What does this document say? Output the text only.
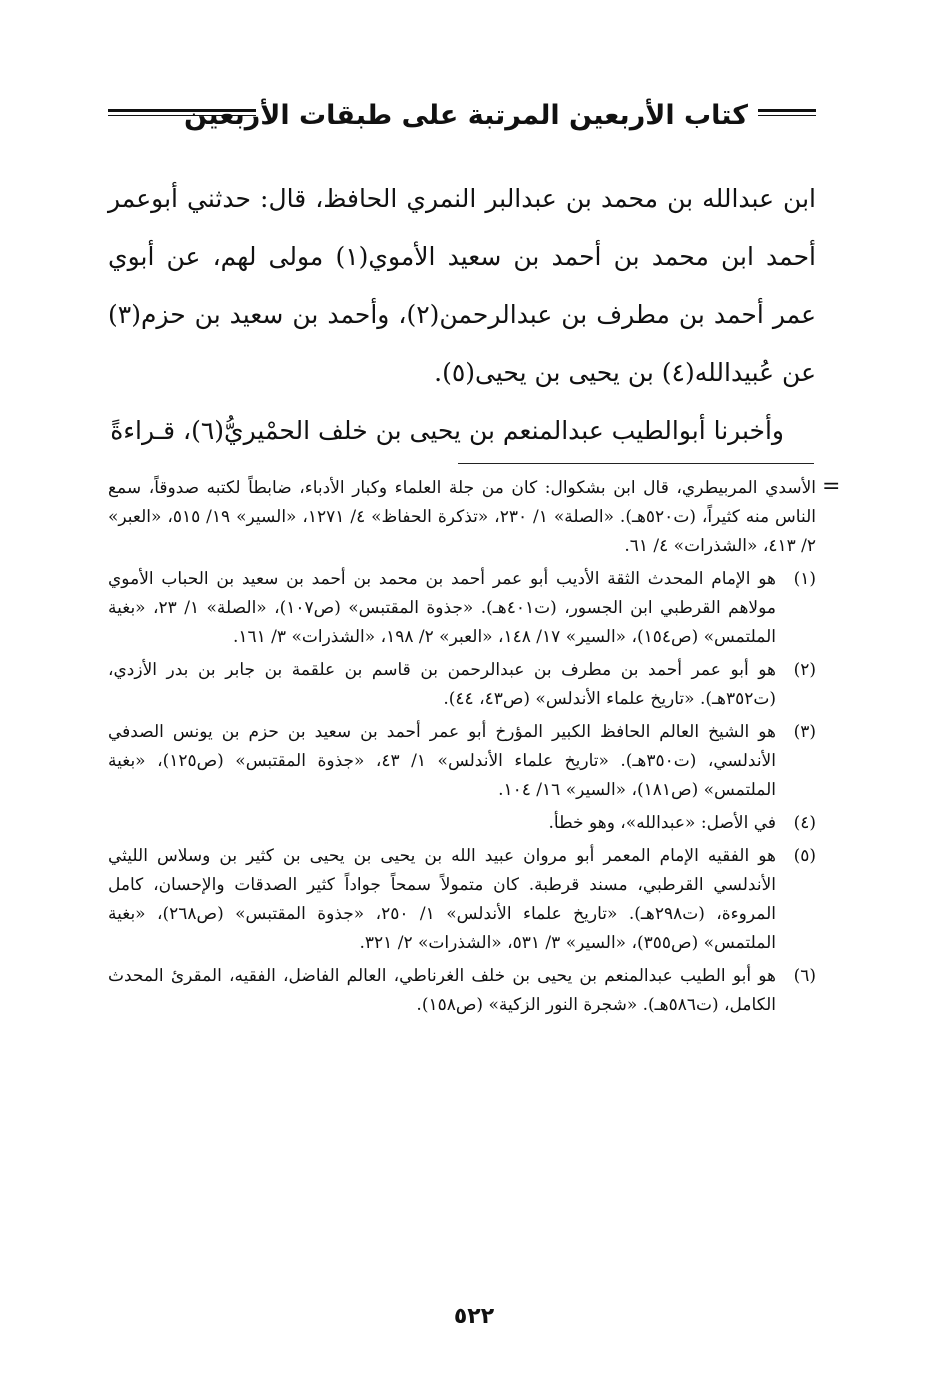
كتاب الأربعين المرتبة على طبقات الأربعين

ابن عبدالله بن محمد بن عبدالبر النمري الحافظ، قال: حدثني أبوعمر أحمد ابن محمد بن أحمد بن سعيد الأموي(١) مولى لهم، عن أبوي عمر أحمد بن مطرف بن عبدالرحمن(٢)، وأحمد بن سعيد بن حزم(٣) عن عُبيدالله(٤) بن يحيى بن يحيى(٥).

وأخبرنا أبوالطيب عبدالمنعم بن يحيى بن خلف الحمْيريُّ(٦)، قـراءةً

=

الأسدي المربيطري، قال ابن بشكوال: كان من جلة العلماء وكبار الأدباء، ضابطاً لكتبه صدوقاً، سمع الناس منه كثيراً، (ت٥٢٠هـ). «الصلة» ١/ ٢٣٠، «تذكرة الحفاظ» ٤/ ١٢٧١، «السير» ١٩/ ٥١٥، «العبر» ٢/ ٤١٣، «الشذرات» ٤/ ٦١.

(١)هو الإمام المحدث الثقة الأديب أبو عمر أحمد بن محمد بن أحمد بن سعيد بن الحباب الأموي مولاهم القرطبي ابن الجسور، (ت٤٠١هـ). «جذوة المقتبس» (ص١٠٧)، «الصلة» ١/ ٢٣، «بغية الملتمس» (ص١٥٤)، «السير» ١٧/ ١٤٨، «العبر» ٢/ ١٩٨، «الشذرات» ٣/ ١٦١.

(٢)هو أبو عمر أحمد بن مطرف بن عبدالرحمن بن قاسم بن علقمة بن جابر بن بدر الأزدي، (ت٣٥٢هـ). «تاريخ علماء الأندلس» (ص٤٣، ٤٤).

(٣)هو الشيخ العالم الحافظ الكبير المؤرخ أبو عمر أحمد بن سعيد بن حزم بن يونس الصدفي الأندلسي، (ت٣٥٠هـ). «تاريخ علماء الأندلس» ١/ ٤٣، «جذوة المقتبس» (ص١٢٥)، «بغية الملتمس» (ص١٨١)، «السير» ١٦/ ١٠٤.

(٤)في الأصل: «عبدالله»، وهو خطأ.

(٥)هو الفقيه الإمام المعمر أبو مروان عبيد الله بن يحيى بن يحيى بن كثير بن وسلاس الليثي الأندلسي القرطبي، مسند قرطبة. كان متمولاً سمحاً جواداً كثير الصدقات والإحسان، كامل المروءة، (ت٢٩٨هـ). «تاريخ علماء الأندلس» ١/ ٢٥٠، «جذوة المقتبس» (ص٢٦٨)، «بغية الملتمس» (ص٣٥٥)، «السير» ٣/ ٥٣١، «الشذرات» ٢/ ٣٢١.

(٦)هو أبو الطيب عبدالمنعم بن يحيى بن خلف الغرناطي، العالم الفاضل، الفقيه، المقرئ المحدث الكامل، (ت٥٨٦هـ). «شجرة النور الزكية» (ص١٥٨).

٥٢٢
